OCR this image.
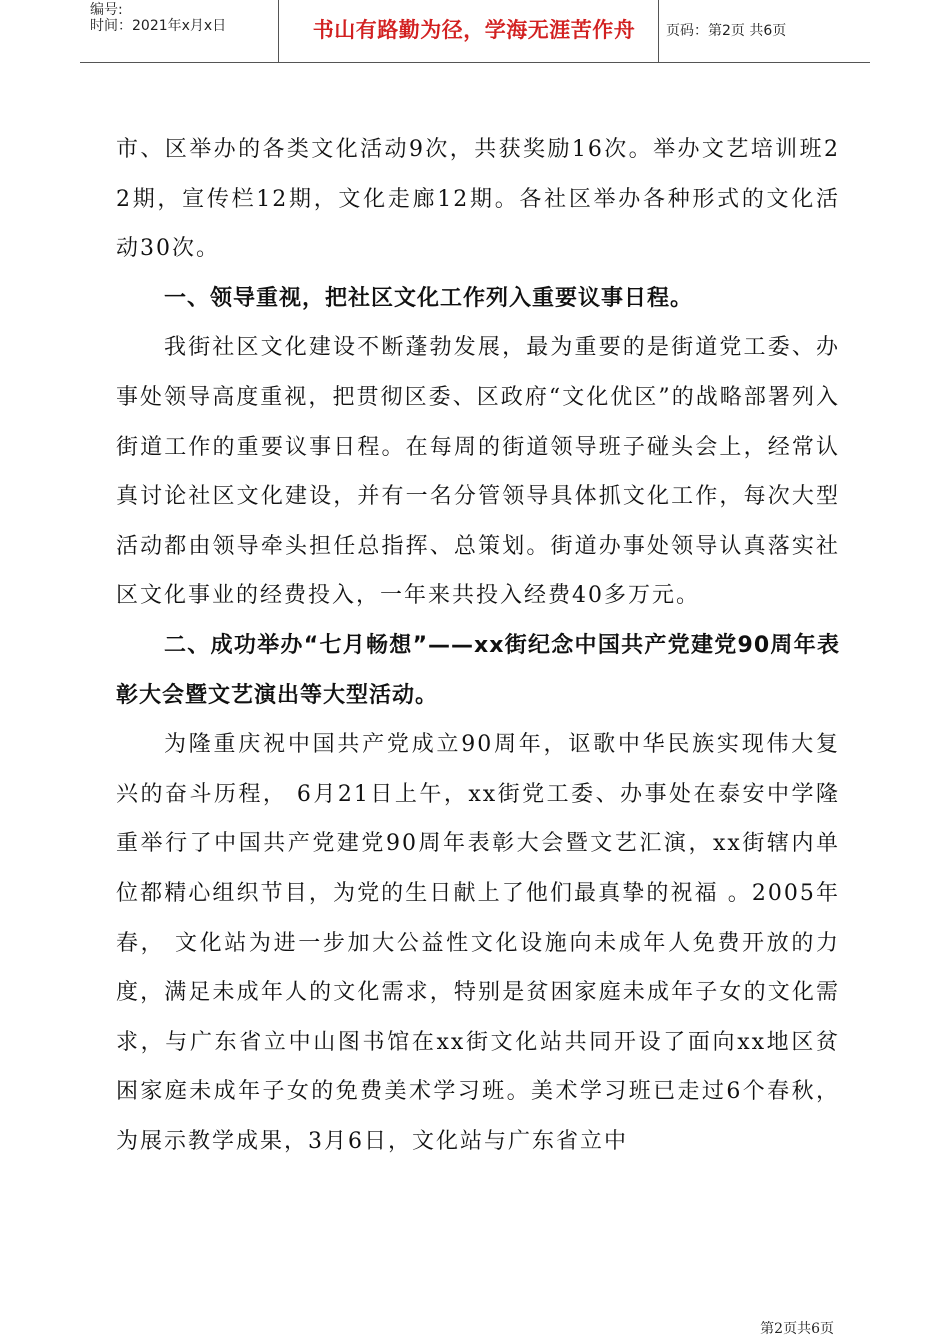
编号:
时间：2021年x月x日	书山有路勤为径，学海无涯苦作舟	页码：第2页 共6页

市、区举办的各类文化活动9次，共获奖励16次。举办文艺培训班22期，宣传栏12期，文化走廊12期。各社区举办各种形式的文化活动30次。

一、领导重视，把社区文化工作列入重要议事日程。

我街社区文化建设不断蓬勃发展，最为重要的是街道党工委、办事处领导高度重视，把贯彻区委、区政府“文化优区”的战略部署列入街道工作的重要议事日程。在每周的街道领导班子碰头会上，经常认真讨论社区文化建设，并有一名分管领导具体抓文化工作，每次大型活动都由领导牵头担任总指挥、总策划。街道办事处领导认真落实社区文化事业的经费投入，一年来共投入经费40多万元。

二、成功举办“七月畅想”——xx街纪念中国共产党建党90周年表彰大会暨文艺演出等大型活动。

为隆重庆祝中国共产党成立90周年，讴歌中华民族实现伟大复兴的奋斗历程， 6月21日上午，xx街党工委、办事处在泰安中学隆重举行了中国共产党建党90周年表彰大会暨文艺汇演，xx街辖内单位都精心组织节目，为党的生日献上了他们最真挚的祝福 。2005年春， 文化站为进一步加大公益性文化设施向未成年人免费开放的力度，满足未成年人的文化需求，特别是贫困家庭未成年子女的文化需求，与广东省立中山图书馆在xx街文化站共同开设了面向xx地区贫困家庭未成年子女的免费美术学习班。美术学习班已走过6个春秋，为展示教学成果，3月6日，文化站与广东省立中

第2页共6页
